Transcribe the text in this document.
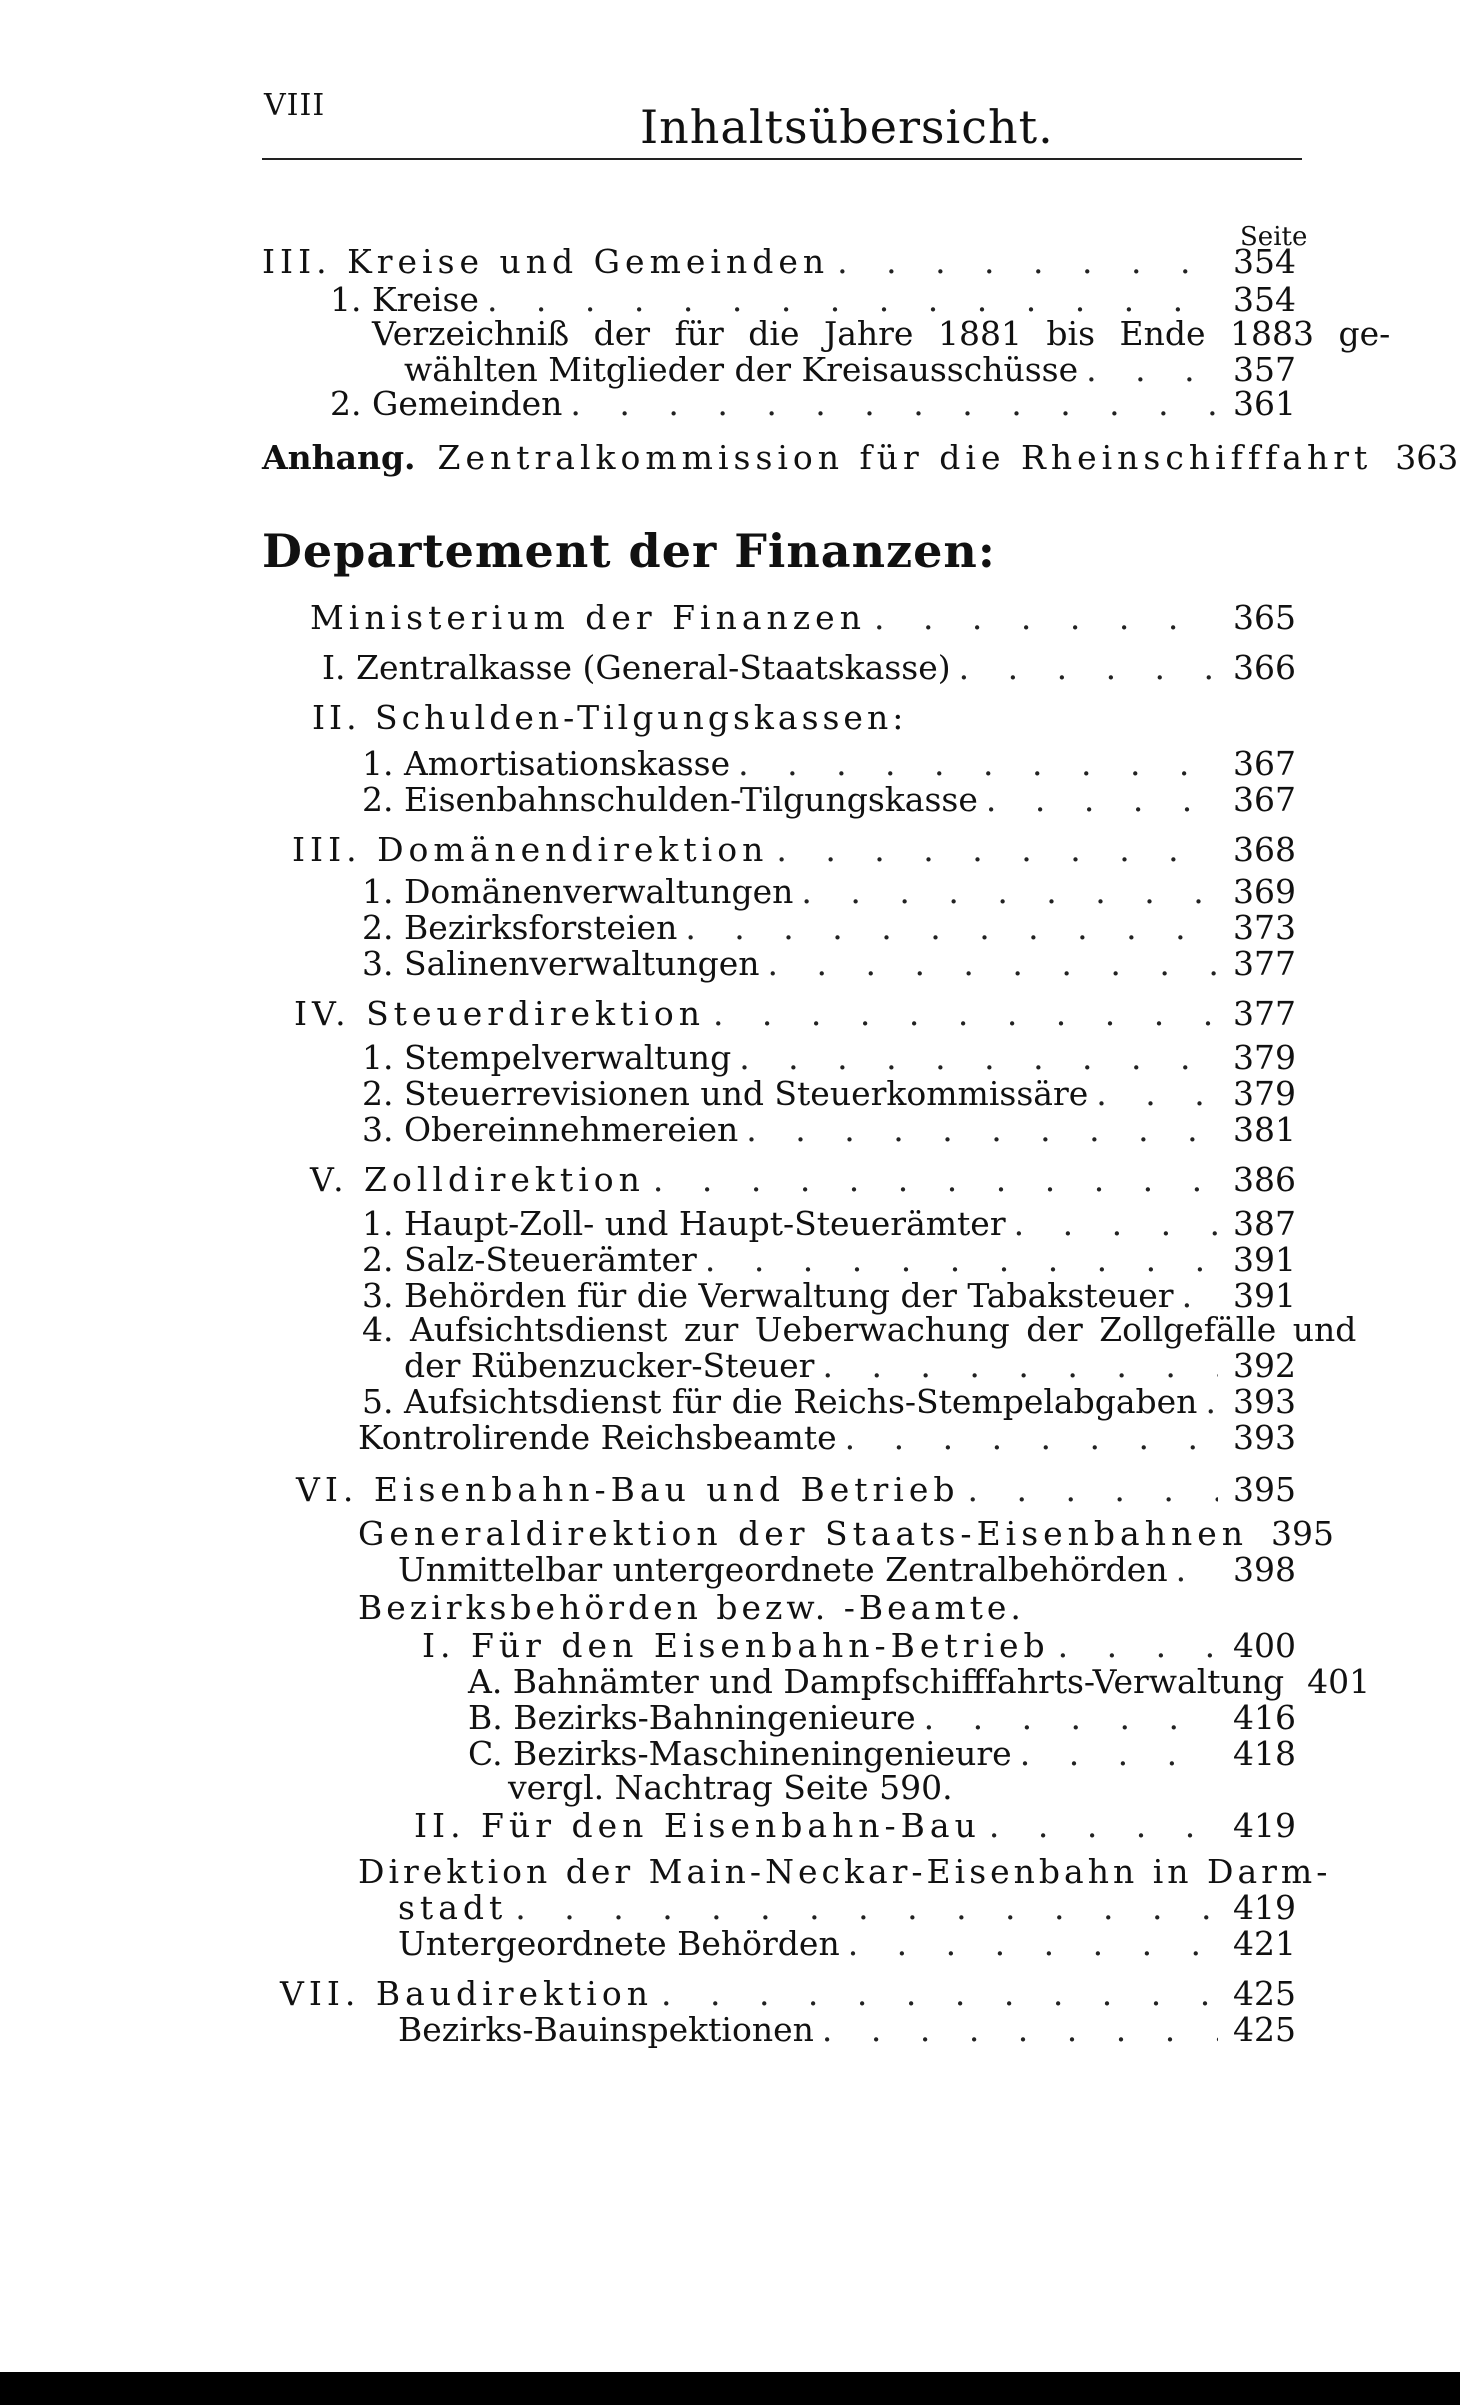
VIII	Inhaltsübersicht.
Seite
III. Kreise und Gemeinden . . .	354
1. Kreise . . .	354
Verzeichniß der für die Jahre 1881 bis Ende 1883 ge-
wählten Mitglieder der Kreisausschüsse . . .	357
2. Gemeinden . . .	361
Anhang. Zentralkommission für die Rheinschifffahrt 363
Departement der Finanzen:
Ministerium der Finanzen . . .	365
I. Zentralkasse (General-Staatskasse) . . .	366
II. Schulden-Tilgungskassen:
1. Amortisationskasse . . .	367
2. Eisenbahnschulden-Tilgungskasse . . .	367
III. Domänendirektion . . .	368
1. Domänenverwaltungen . . .	369
2. Bezirksforsteien . . .	373
3. Salinenverwaltungen . . .	377
IV. Steuerdirektion . . .	377
1. Stempelverwaltung . . .	379
2. Steuerrevisionen und Steuerkommissäre . . .	379
3. Obereinnehmereien . . .	381
V. Zolldirektion . . .	386
1. Haupt-Zoll- und Haupt-Steuerämter . . .	387
2. Salz-Steuerämter . . .	391
3. Behörden für die Verwaltung der Tabaksteuer . . . 391
4. Aufsichtsdienst zur Ueberwachung der Zollgefälle und
der Rübenzucker-Steuer . . .	392
5. Aufsichtsdienst für die Reichs-Stempelabgaben . . . 393
Kontrolirende Reichsbeamte . . .	393
VI. Eisenbahn-Bau und Betrieb . . .	395
Generaldirektion der Staats-Eisenbahnen 395
Unmittelbar untergeordnete Zentralbehörden . . . 398
Bezirksbehörden bezw. -Beamte.
I. Für den Eisenbahn-Betrieb . . .	400
A. Bahnämter und Dampfschifffahrts-Verwaltung 401
B. Bezirks-Bahningenieure . . .	416
C. Bezirks-Maschineningenieure . . .	418
vergl. Nachtrag Seite 590.
II. Für den Eisenbahn-Bau . . .	419
Direktion der Main-Neckar-Eisenbahn in Darm-
stadt . . .	419
Untergeordnete Behörden . . .	421
VII. Baudirektion . . .	425
Bezirks-Bauinspektionen . . .	425
